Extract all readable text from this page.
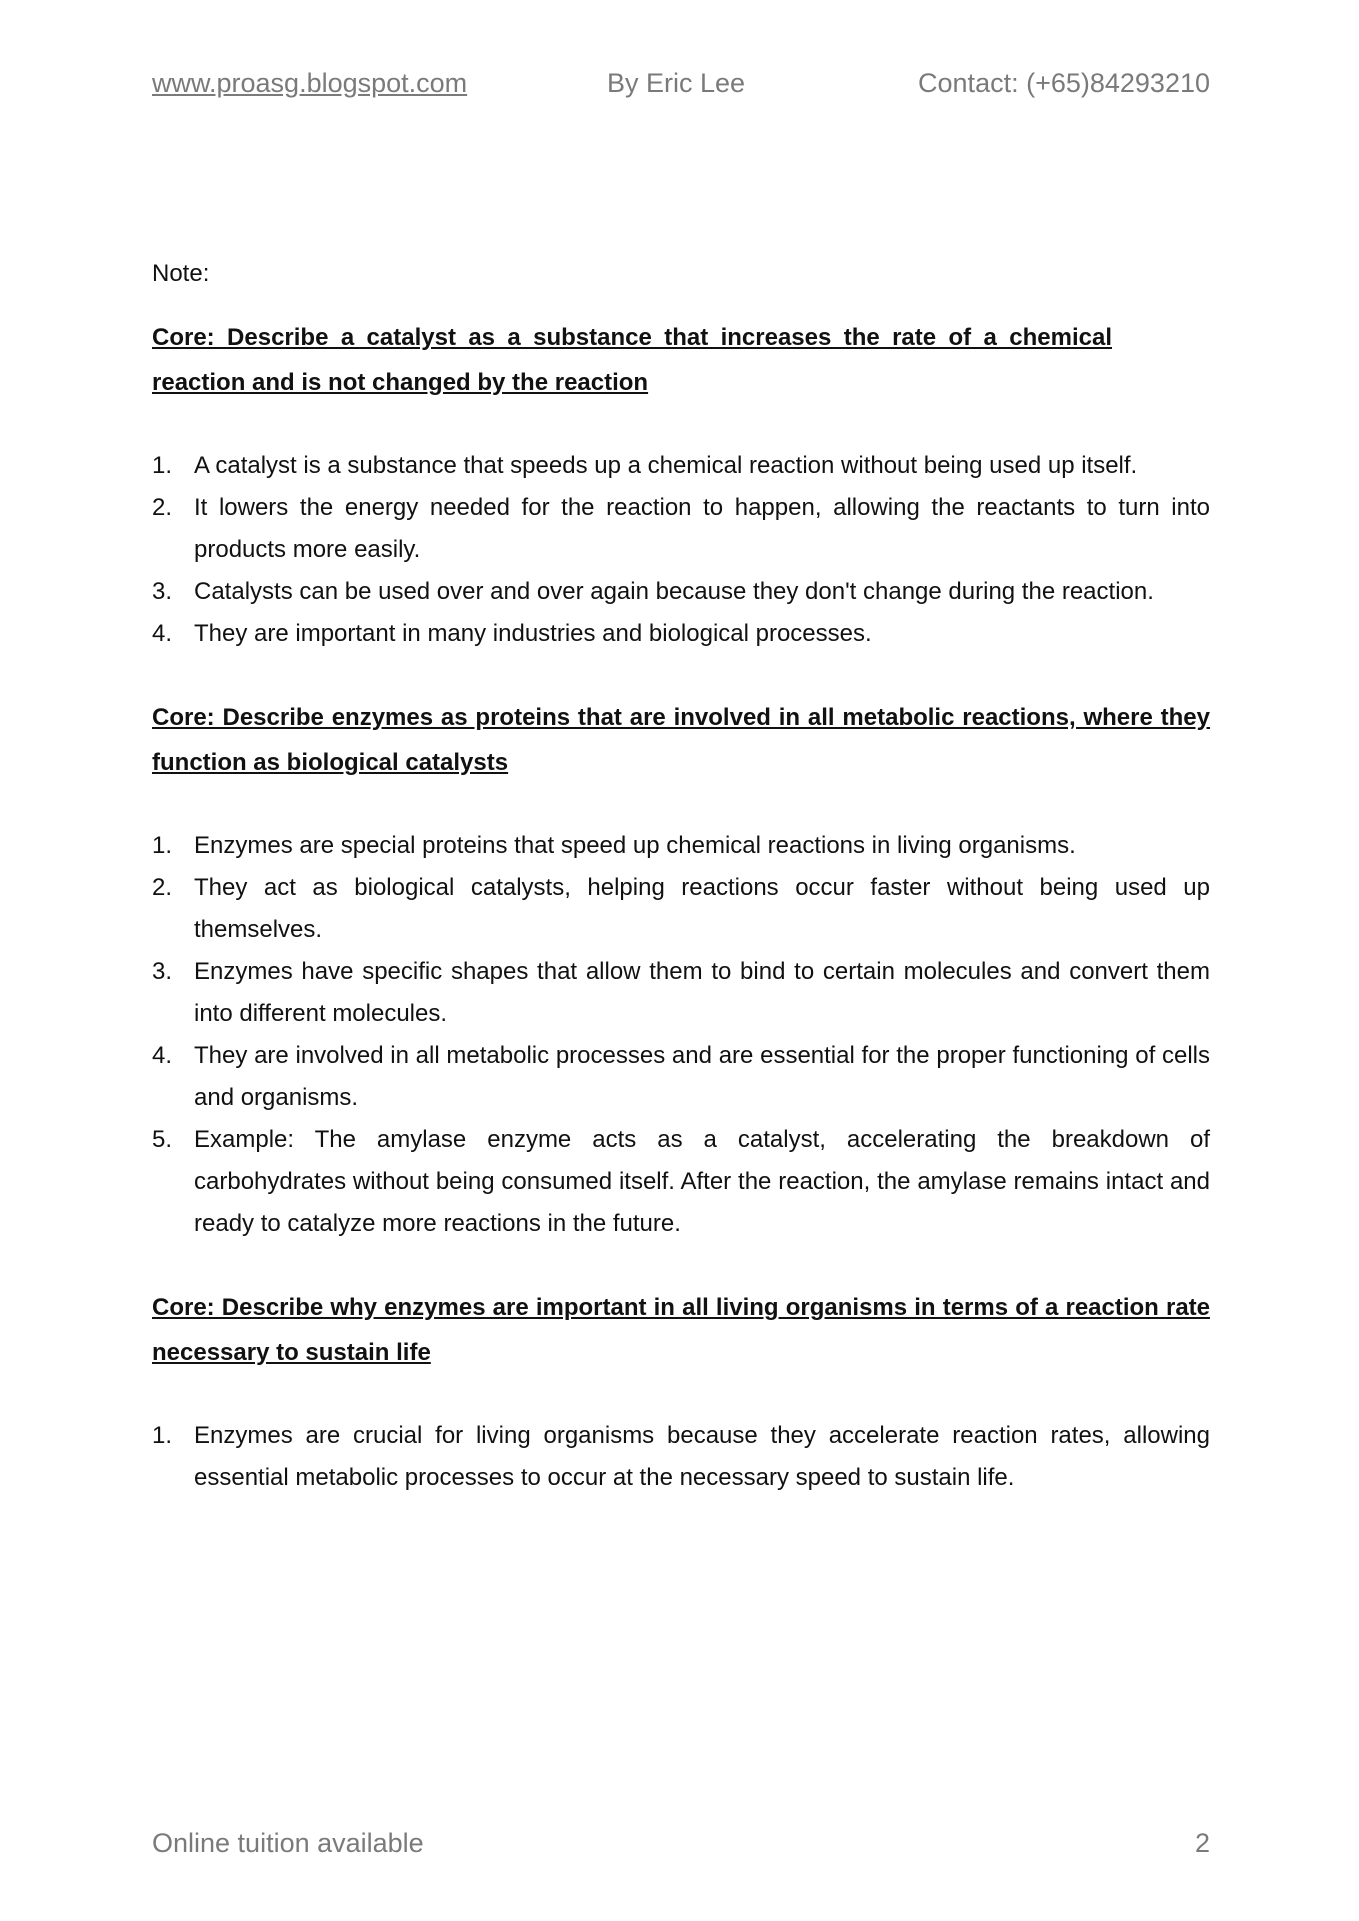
www.proasg.blogspot.com	By Eric Lee	Contact: (+65)84293210

Note:

Core: Describe a catalyst as a substance that increases the rate of a chemical reaction and is not changed by the reaction

1. A catalyst is a substance that speeds up a chemical reaction without being used up itself.
2. It lowers the energy needed for the reaction to happen, allowing the reactants to turn into products more easily.
3. Catalysts can be used over and over again because they don't change during the reaction.
4. They are important in many industries and biological processes.

Core: Describe enzymes as proteins that are involved in all metabolic reactions, where they function as biological catalysts

1. Enzymes are special proteins that speed up chemical reactions in living organisms.
2. They act as biological catalysts, helping reactions occur faster without being used up themselves.
3. Enzymes have specific shapes that allow them to bind to certain molecules and convert them into different molecules.
4. They are involved in all metabolic processes and are essential for the proper functioning of cells and organisms.
5. Example: The amylase enzyme acts as a catalyst, accelerating the breakdown of carbohydrates without being consumed itself. After the reaction, the amylase remains intact and ready to catalyze more reactions in the future.

Core: Describe why enzymes are important in all living organisms in terms of a reaction rate necessary to sustain life

1. Enzymes are crucial for living organisms because they accelerate reaction rates, allowing essential metabolic processes to occur at the necessary speed to sustain life.
Online tuition available	2
